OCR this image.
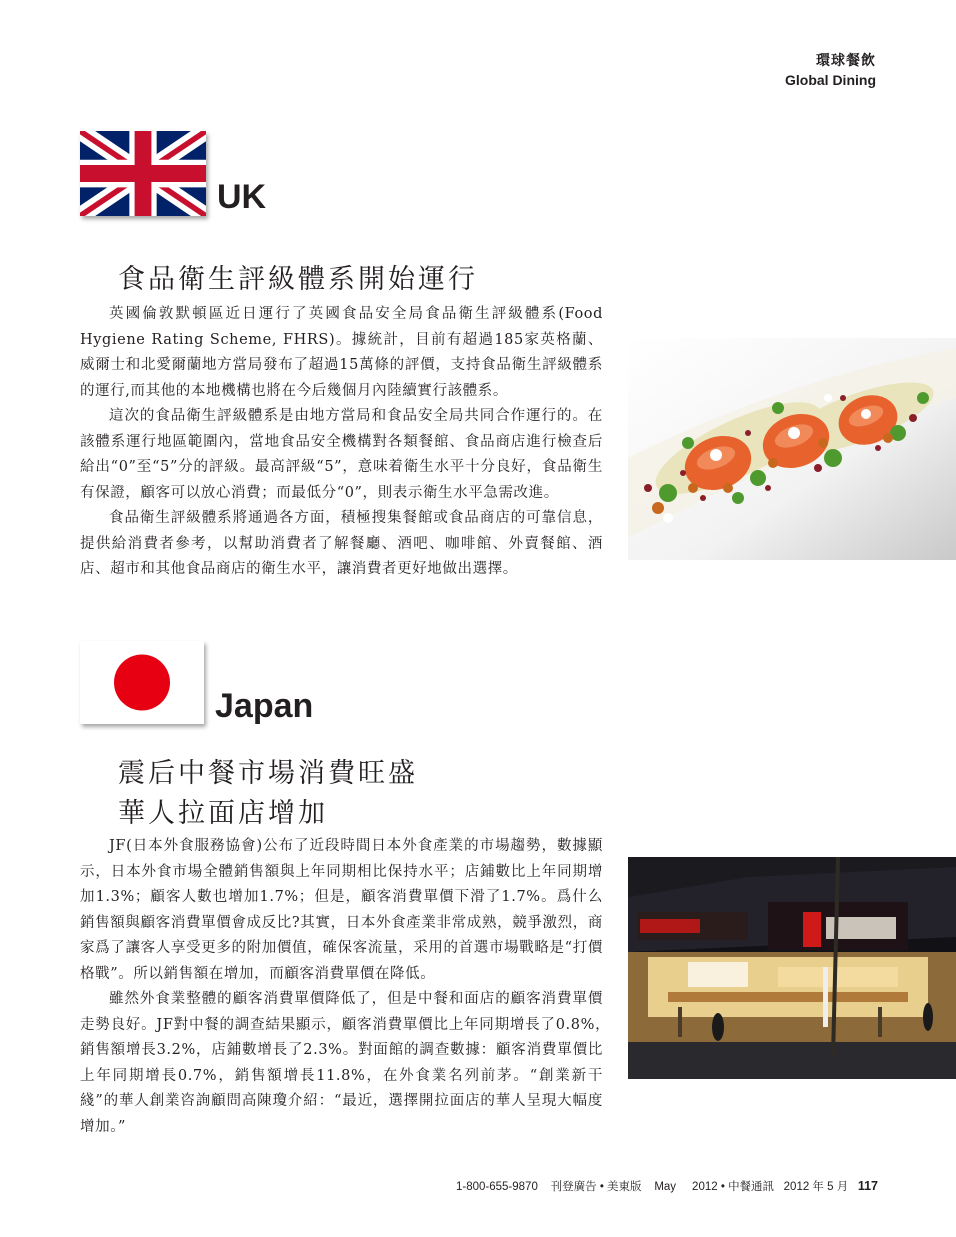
環球餐飲
Global Dining
UK
食品衛生評級體系開始運行

英國倫敦默頓區近日運行了英國食品安全局食品衛生評級體系(Food Hygiene Rating Scheme, FHRS)。據統計，目前有超過185家英格蘭、威爾士和北愛爾蘭地方當局發布了超過15萬條的評價，支持食品衛生評級體系的運行,而其他的本地機構也將在今后幾個月內陸續實行該體系。

這次的食品衛生評級體系是由地方當局和食品安全局共同合作運行的。在該體系運行地區範圍內，當地食品安全機構對各類餐館、食品商店進行檢查后給出“0”至“5”分的評級。最高評級“5”，意味着衛生水平十分良好，食品衛生有保證，顧客可以放心消費；而最低分“0”，則表示衛生水平急需改進。

食品衛生評級體系將通過各方面，積極搜集餐館或食品商店的可靠信息，提供給消費者參考，以幫助消費者了解餐廳、酒吧、咖啡館、外賣餐館、酒店、超市和其他食品商店的衛生水平，讓消費者更好地做出選擇。

Japan
震后中餐市場消費旺盛
華人拉面店增加

JF(日本外食服務協會)公布了近段時間日本外食產業的市場趨勢，數據顯示，日本外食市場全體銷售額與上年同期相比保持水平；店鋪數比上年同期增加1.3%；顧客人數也增加1.7%；但是，顧客消費單價下滑了1.7%。爲什么銷售額與顧客消費單價會成反比?其實，日本外食產業非常成熟，競爭激烈，商家爲了讓客人享受更多的附加價值，確保客流量，采用的首選市場戰略是“打價格戰”。所以銷售額在增加，而顧客消費單價在降低。

雖然外食業整體的顧客消費單價降低了，但是中餐和面店的顧客消費單價走勢良好。JF對中餐的調查結果顯示，顧客消費單價比上年同期增長了0.8%，　銷售額增長3.2%，店鋪數增長了2.3%。對面館的調查數據：顧客消費單價比上年同期增長0.7%，銷售額增長11.8%，在外食業名列前茅。“創業新干綫”的華人創業咨詢顧問高陳瓊介紹：“最近，選擇開拉面店的華人呈現大幅度增加。”

1-800-655-9870 刊登廣告 • 美東版 May 2012 • 中餐通訊 2012 年 5 月 117
